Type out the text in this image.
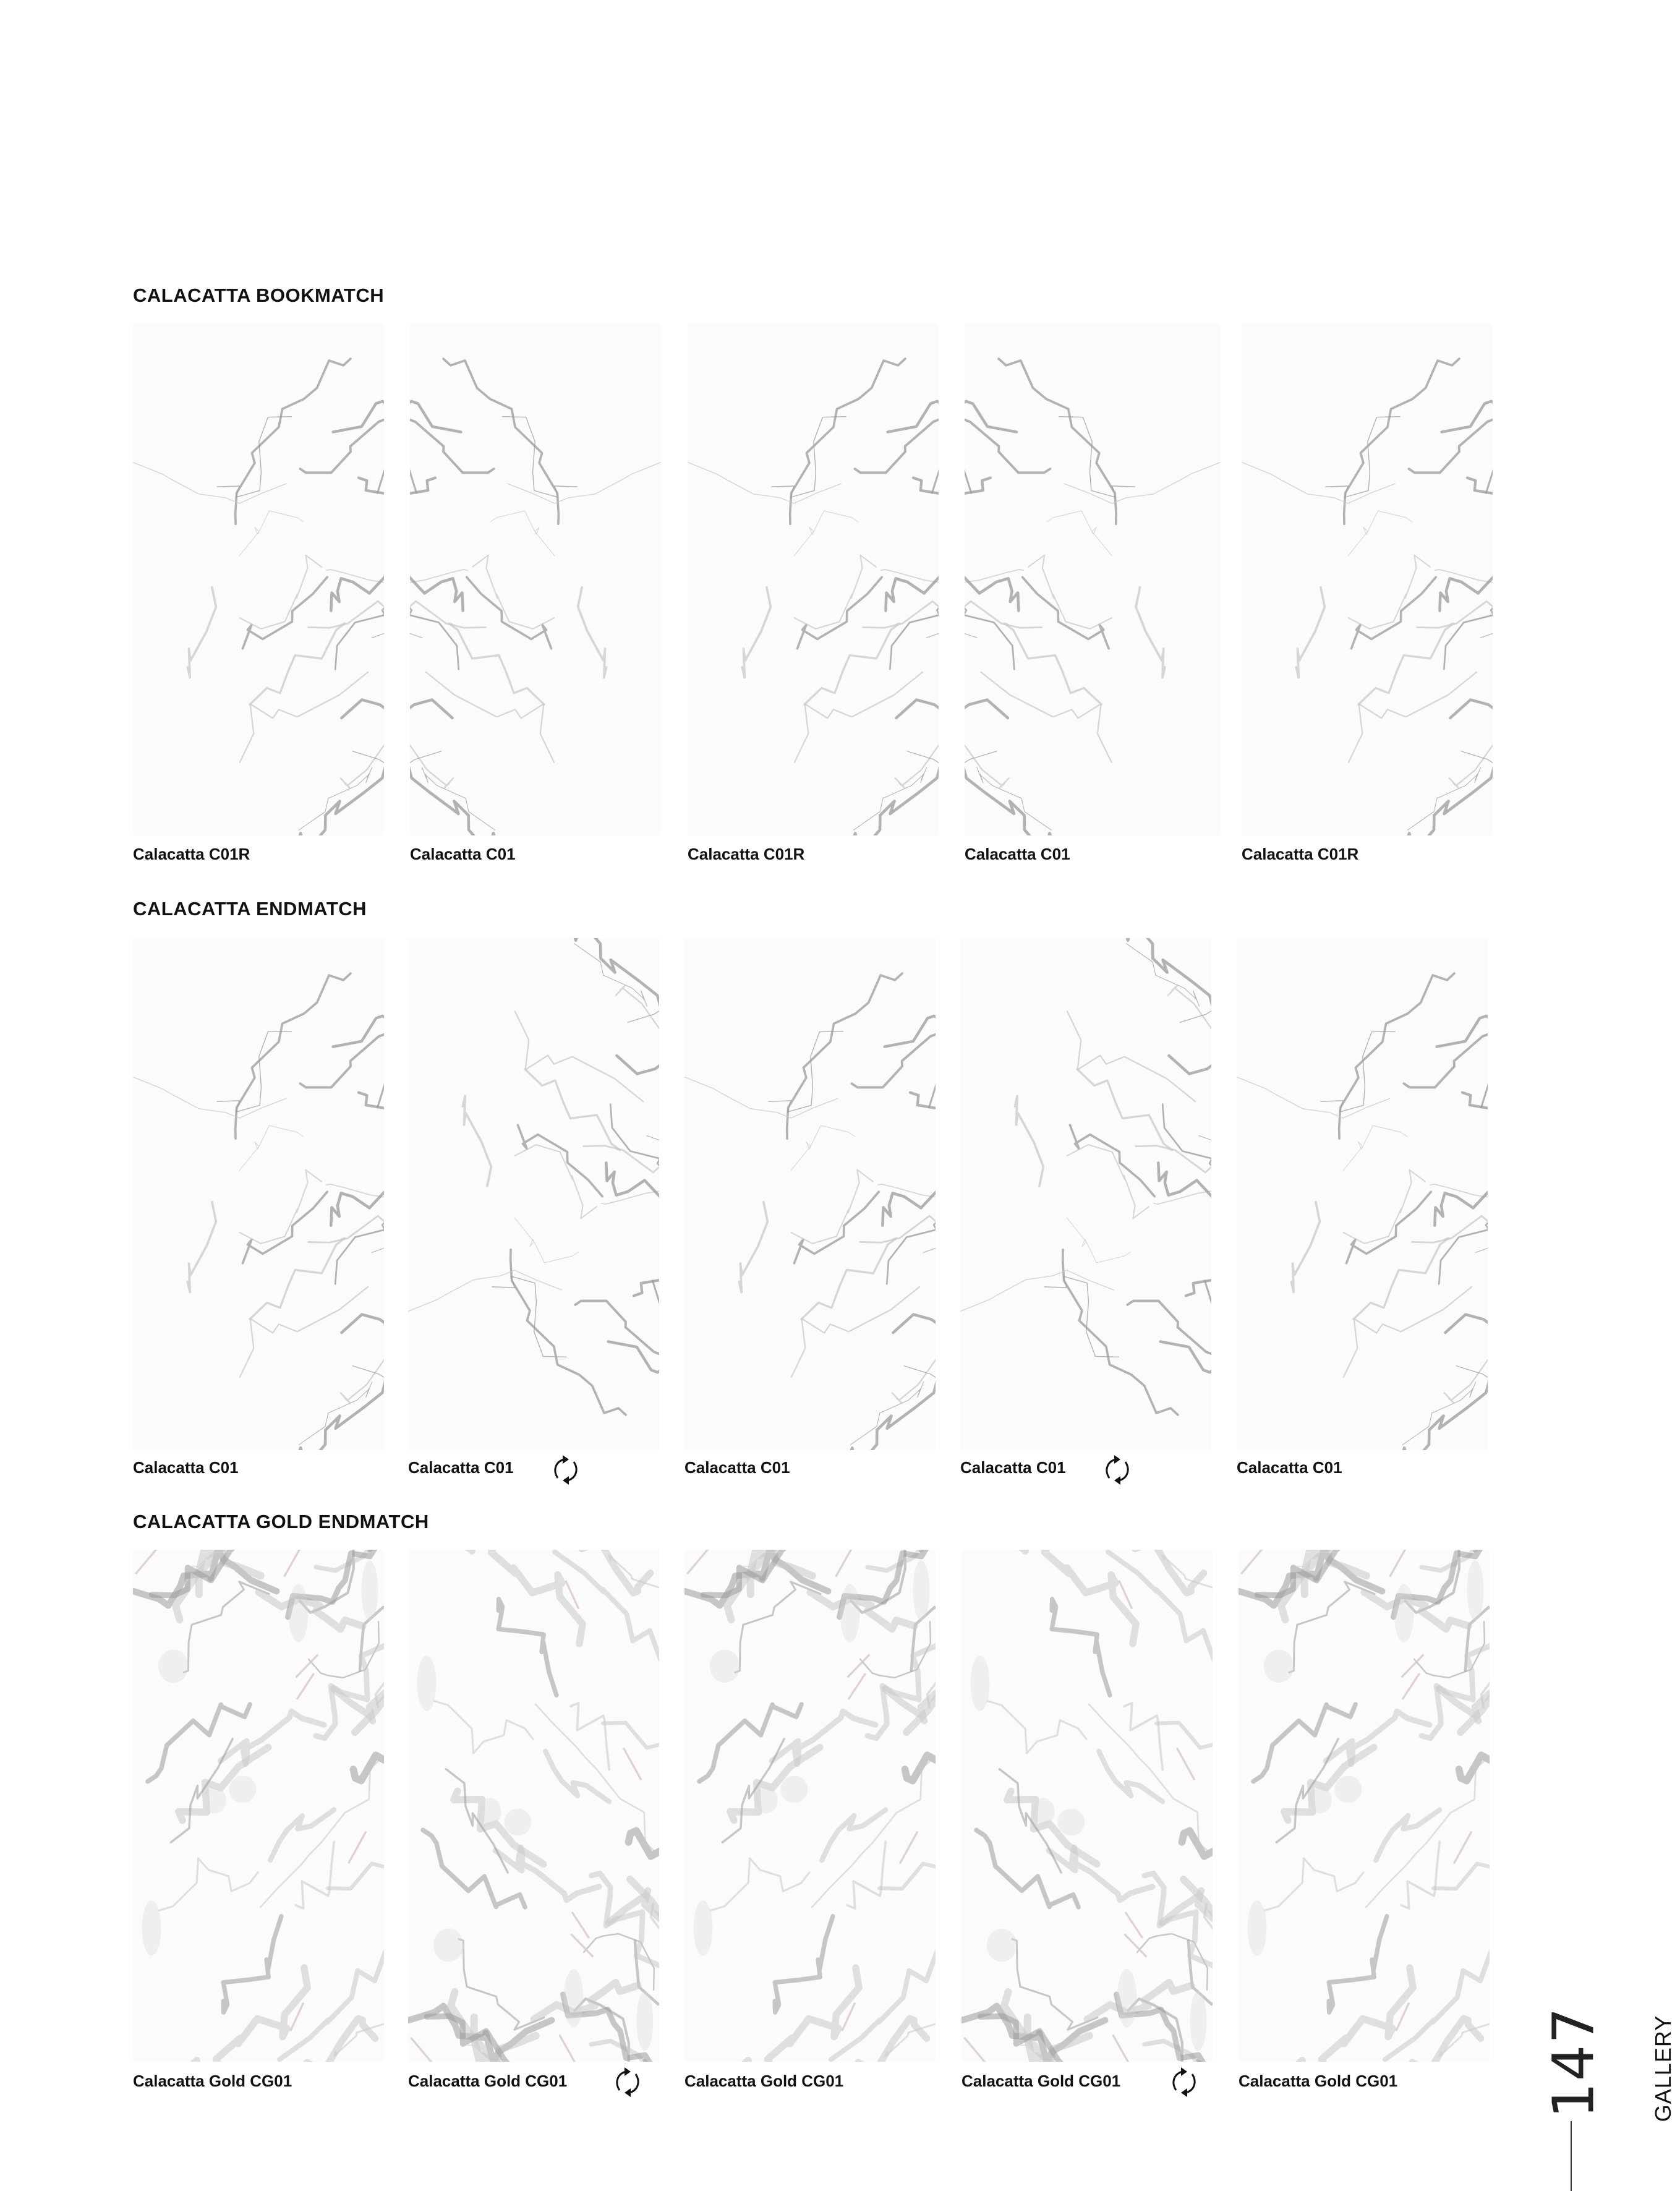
CALACATTA BOOKMATCH
Calacatta C01R	Calacatta C01	Calacatta C01R	Calacatta C01	Calacatta C01R
CALACATTA ENDMATCH
Calacatta C01	Calacatta C01	Calacatta C01	Calacatta C01	Calacatta C01
CALACATTA GOLD ENDMATCH
Calacatta Gold CG01	Calacatta Gold CG01	Calacatta Gold CG01	Calacatta Gold CG01	Calacatta Gold CG01	147 GALLERY
